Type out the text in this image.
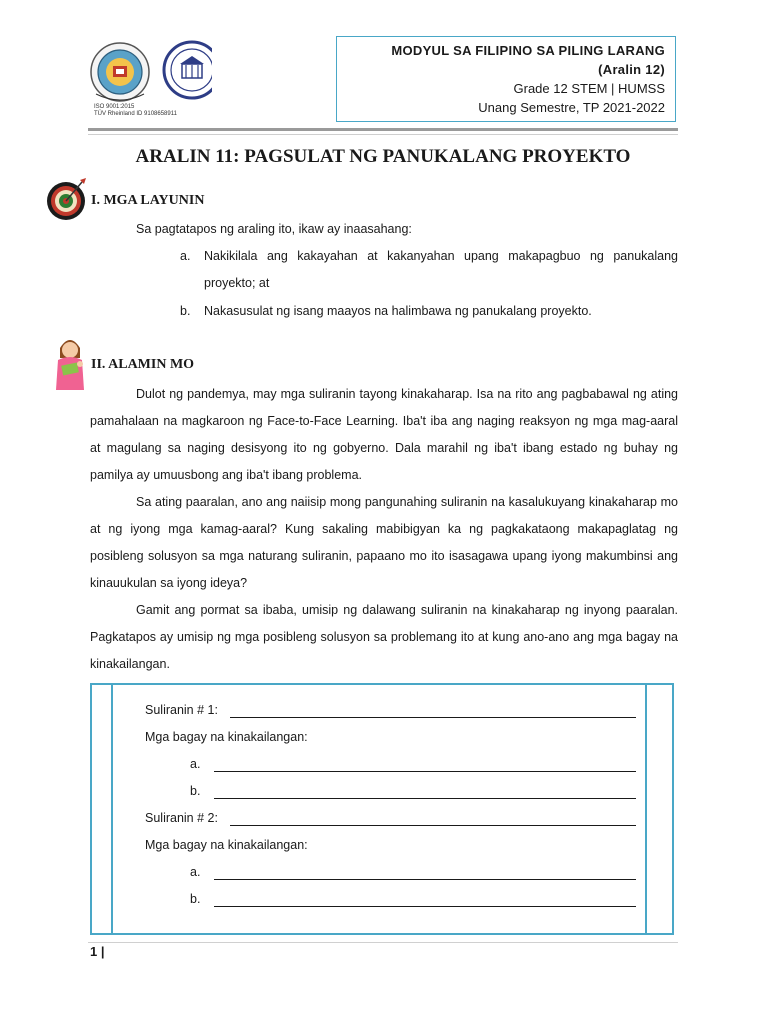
ISO 9001:2015
TÜV Rheinland ID 9108658911
MODYUL SA FILIPINO SA PILING LARANG
(Aralin 12)
Grade 12 STEM | HUMSS
Unang Semestre, TP 2021-2022
ARALIN 11: PAGSULAT NG PANUKALANG PROYEKTO
I. MGA LAYUNIN

Sa pagtatapos ng araling ito, ikaw ay inaasahang:

a. Nakikilala ang kakayahan at kakanyahan upang makapagbuo ng panukalang

proyekto; at

b. Nakasusulat ng isang maayos na halimbawa ng panukalang proyekto.

II. ALAMIN MO

Dulot ng pandemya, may mga suliranin tayong kinakaharap. Isa na rito ang pagbabawal ng ating pamahalaan na magkaroon ng Face-to-Face Learning. Iba't iba ang naging reaksyon ng mga mag-aaral at magulang sa naging desisyong ito ng gobyerno. Dala marahil ng iba't ibang estado ng buhay ng pamilya ay umuusbong ang iba't ibang problema.

Sa ating paaralan, ano ang naiisip mong pangunahing suliranin na kasalukuyang kinakaharap mo at ng iyong mga kamag-aaral? Kung sakaling mabibigyan ka ng pagkakataong makapaglatag ng posibleng solusyon sa mga naturang suliranin, papaano mo ito isasagawa upang iyong makumbinsi ang kinauukulan sa iyong ideya?

Gamit ang pormat sa ibaba, umisip ng dalawang suliranin na kinakaharap ng inyong paaralan. Pagkatapos ay umisip ng mga posibleng solusyon sa problemang ito at kung ano-ano ang mga bagay na kinakailangan.

Suliranin # 1:
Mga bagay na kinakailangan:
a.
b.
Suliranin # 2:
Mga bagay na kinakailangan:
a.
b.
1 |
